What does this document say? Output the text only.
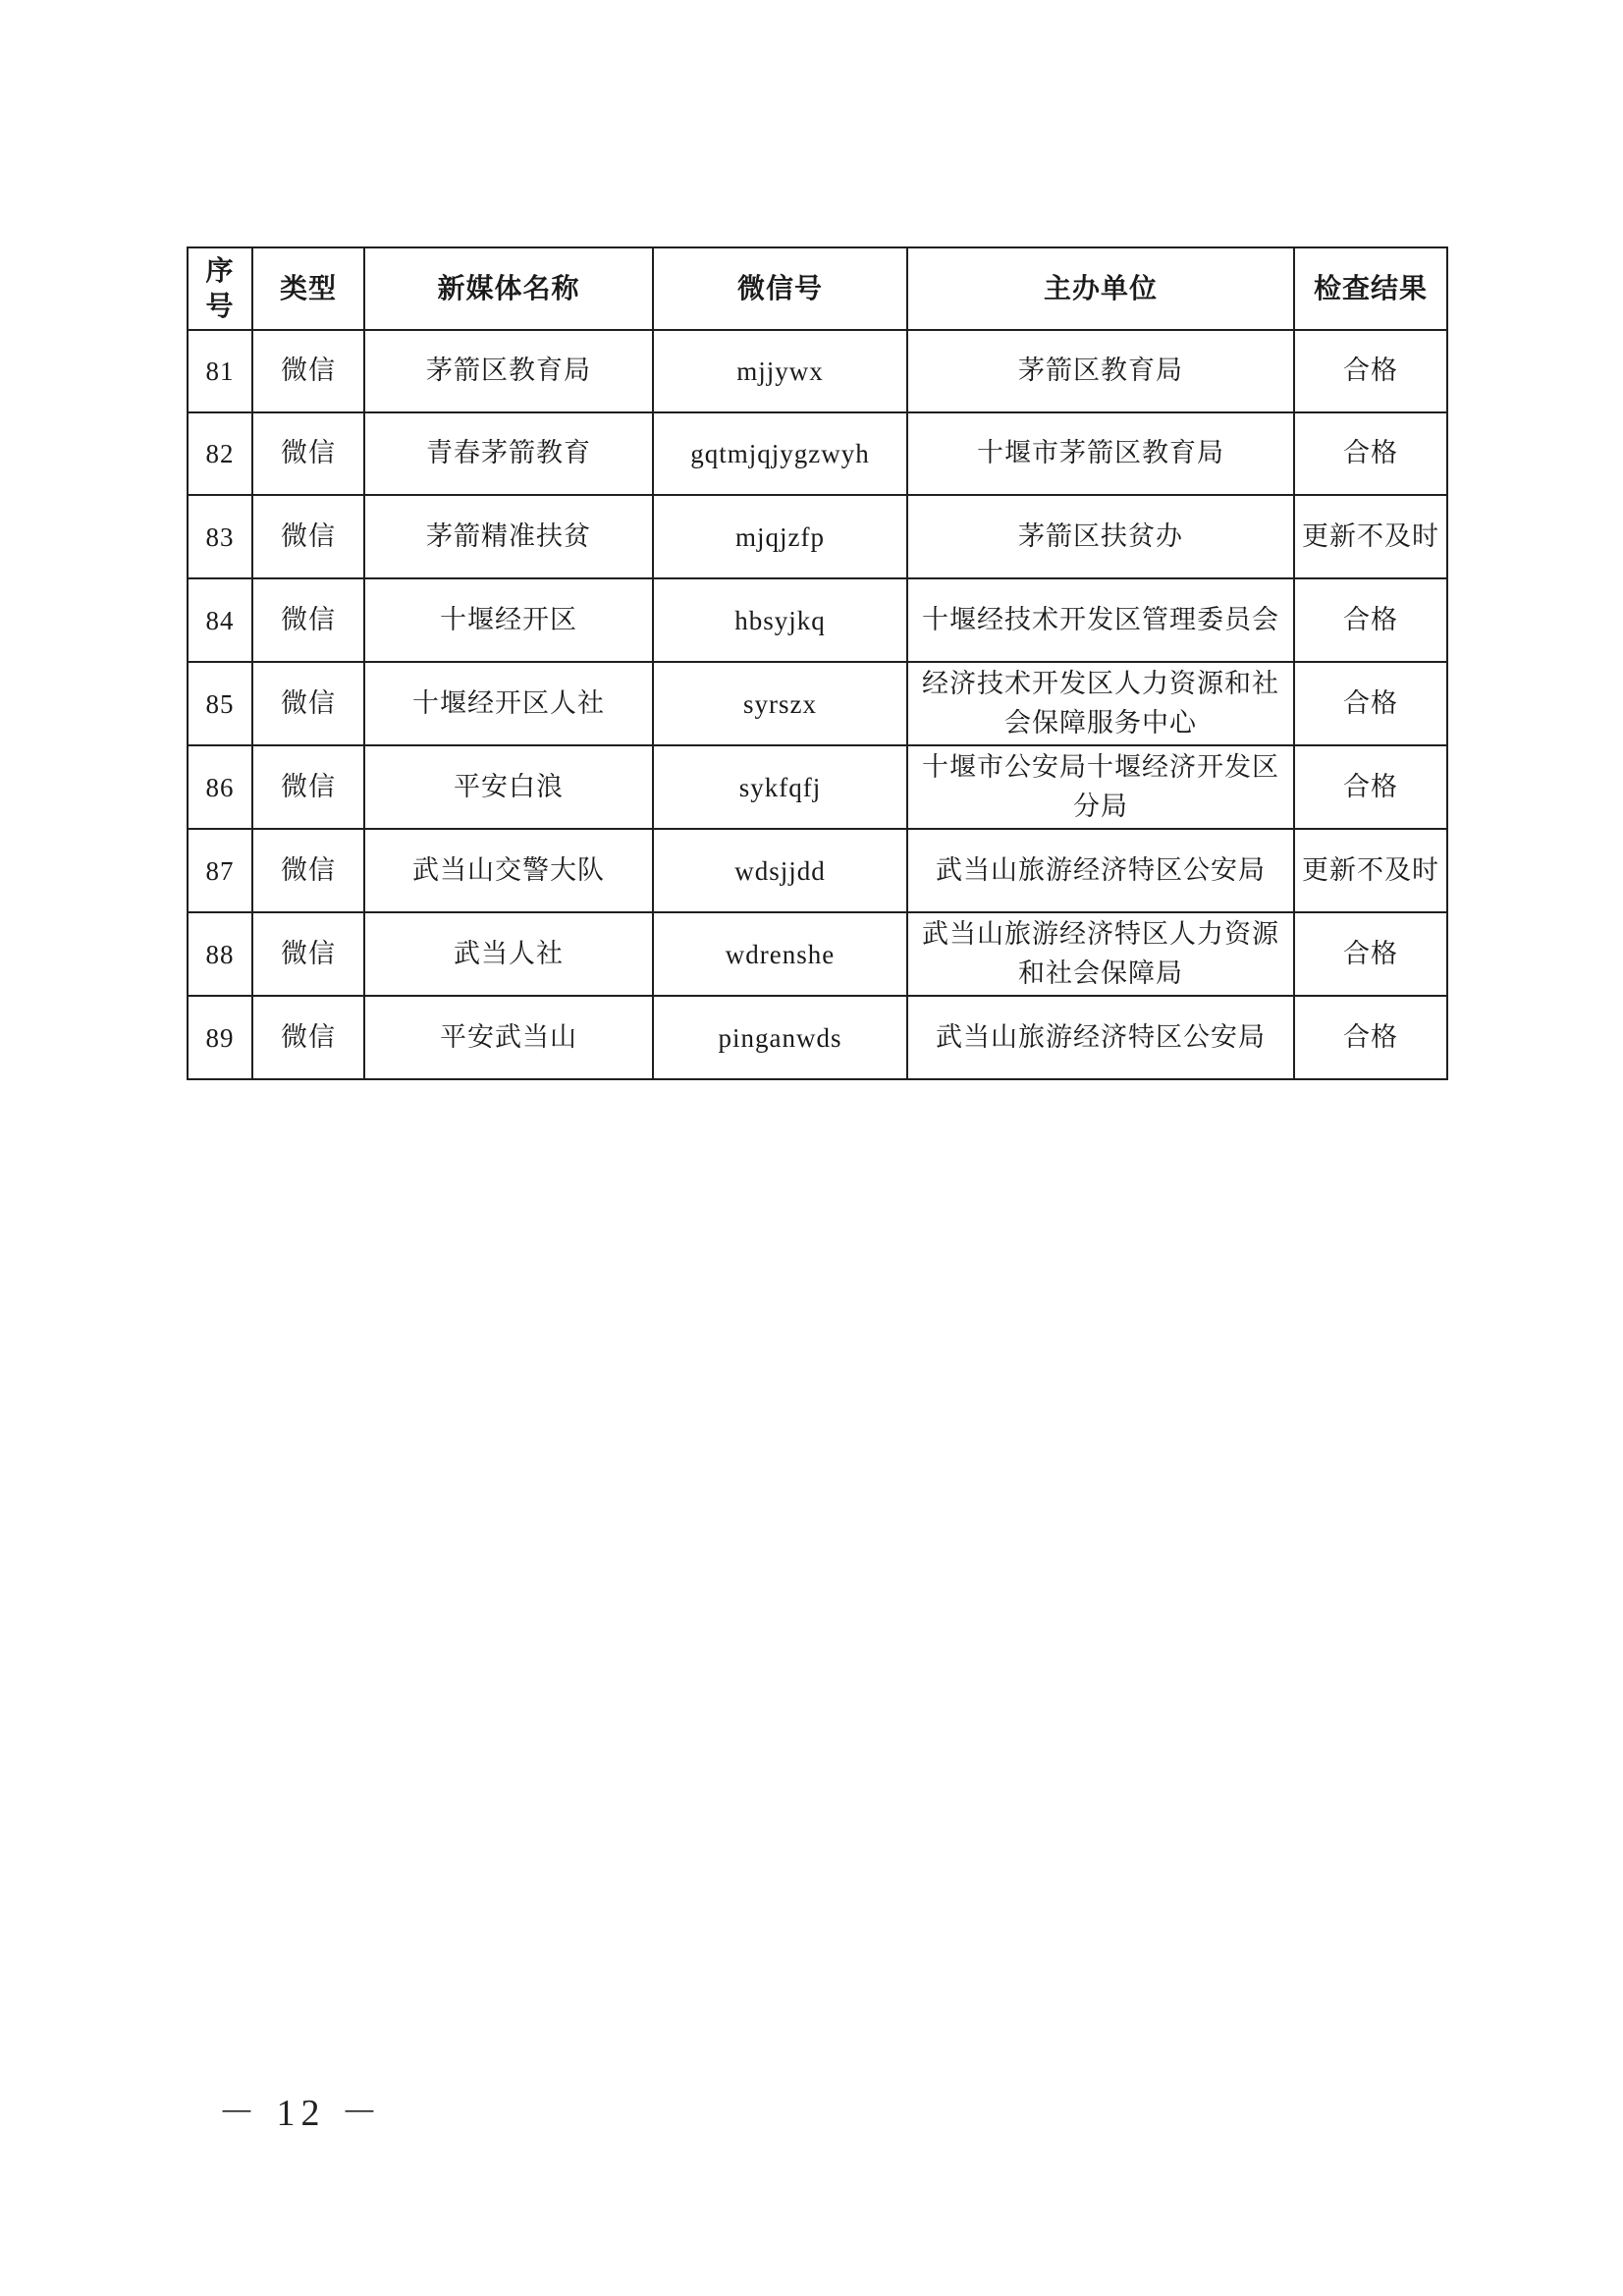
序号	类型	新媒体名称	微信号	主办单位	检查结果
81	微信	茅箭区教育局	mjjywx	茅箭区教育局	合格
82	微信	青春茅箭教育	gqtmjqjygzwyh	十堰市茅箭区教育局	合格
83	微信	茅箭精准扶贫	mjqjzfp	茅箭区扶贫办	更新不及时
84	微信	十堰经开区	hbsyjkq	十堰经技术开发区管理委员会	合格
85	微信	十堰经开区人社	syrszx	经济技术开发区人力资源和社会保障服务中心	合格
86	微信	平安白浪	sykfqfj	十堰市公安局十堰经济开发区分局	合格
87	微信	武当山交警大队	wdsjjdd	武当山旅游经济特区公安局	更新不及时
88	微信	武当人社	wdrenshe	武当山旅游经济特区人力资源和社会保障局	合格
89	微信	平安武当山	pinganwds	武当山旅游经济特区公安局	合格
－ 12 －
